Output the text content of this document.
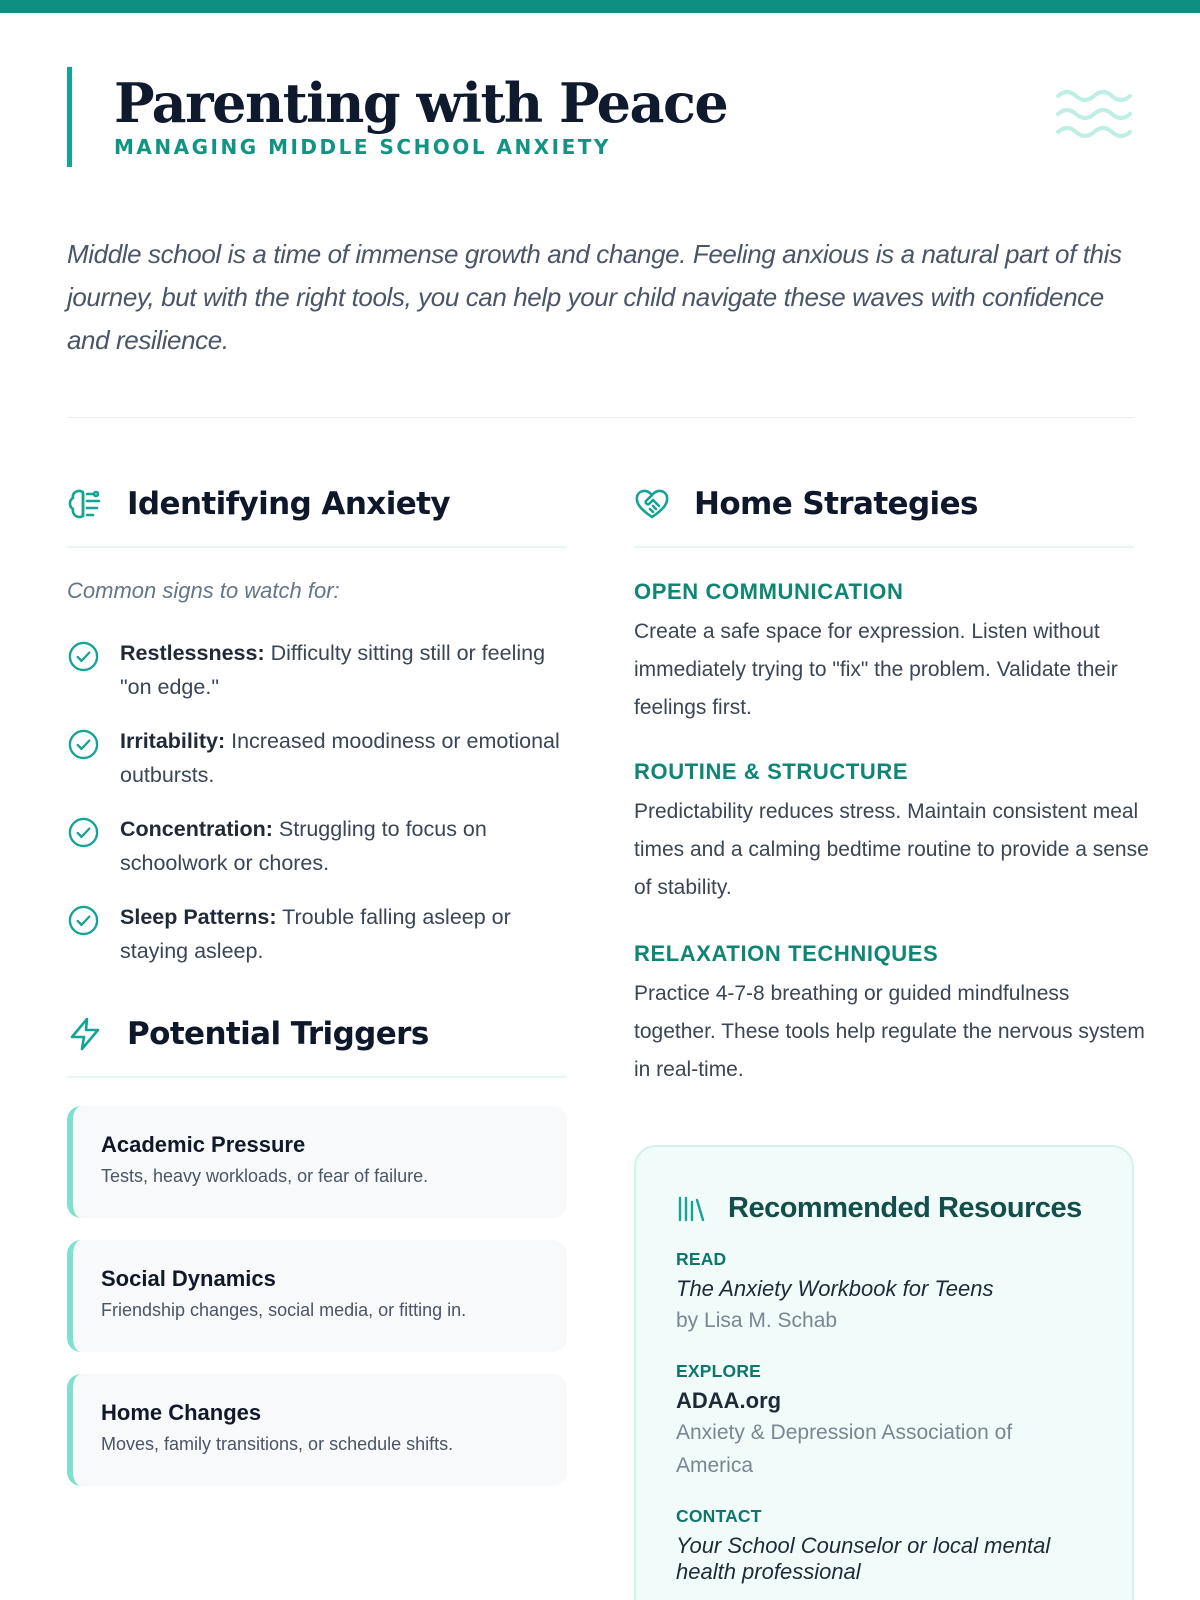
Parenting with Peace
MANAGING MIDDLE SCHOOL ANXIETY

Middle school is a time of immense growth and change. Feeling anxious is a natural part of this journey, but with the right tools, you can help your child navigate these waves with confidence and resilience.

Identifying Anxiety
Common signs to watch for:
Restlessness: Difficulty sitting still or feeling "on edge."
Irritability: Increased moodiness or emotional outbursts.
Concentration: Struggling to focus on schoolwork or chores.
Sleep Patterns: Trouble falling asleep or staying asleep.
Potential Triggers
Academic Pressure
Tests, heavy workloads, or fear of failure.
Social Dynamics
Friendship changes, social media, or fitting in.
Home Changes
Moves, family transitions, or schedule shifts.
Home Strategies
OPEN COMMUNICATION
Create a safe space for expression. Listen without immediately trying to "fix" the problem. Validate their feelings first.
ROUTINE & STRUCTURE
Predictability reduces stress. Maintain consistent meal times and a calming bedtime routine to provide a sense of stability.
RELAXATION TECHNIQUES
Practice 4-7-8 breathing or guided mindfulness together. These tools help regulate the nervous system in real-time.
Recommended Resources
READ
The Anxiety Workbook for Teens
by Lisa M. Schab
EXPLORE
ADAA.org
Anxiety & Depression Association of America
CONTACT
Your School Counselor or local mental health professional
